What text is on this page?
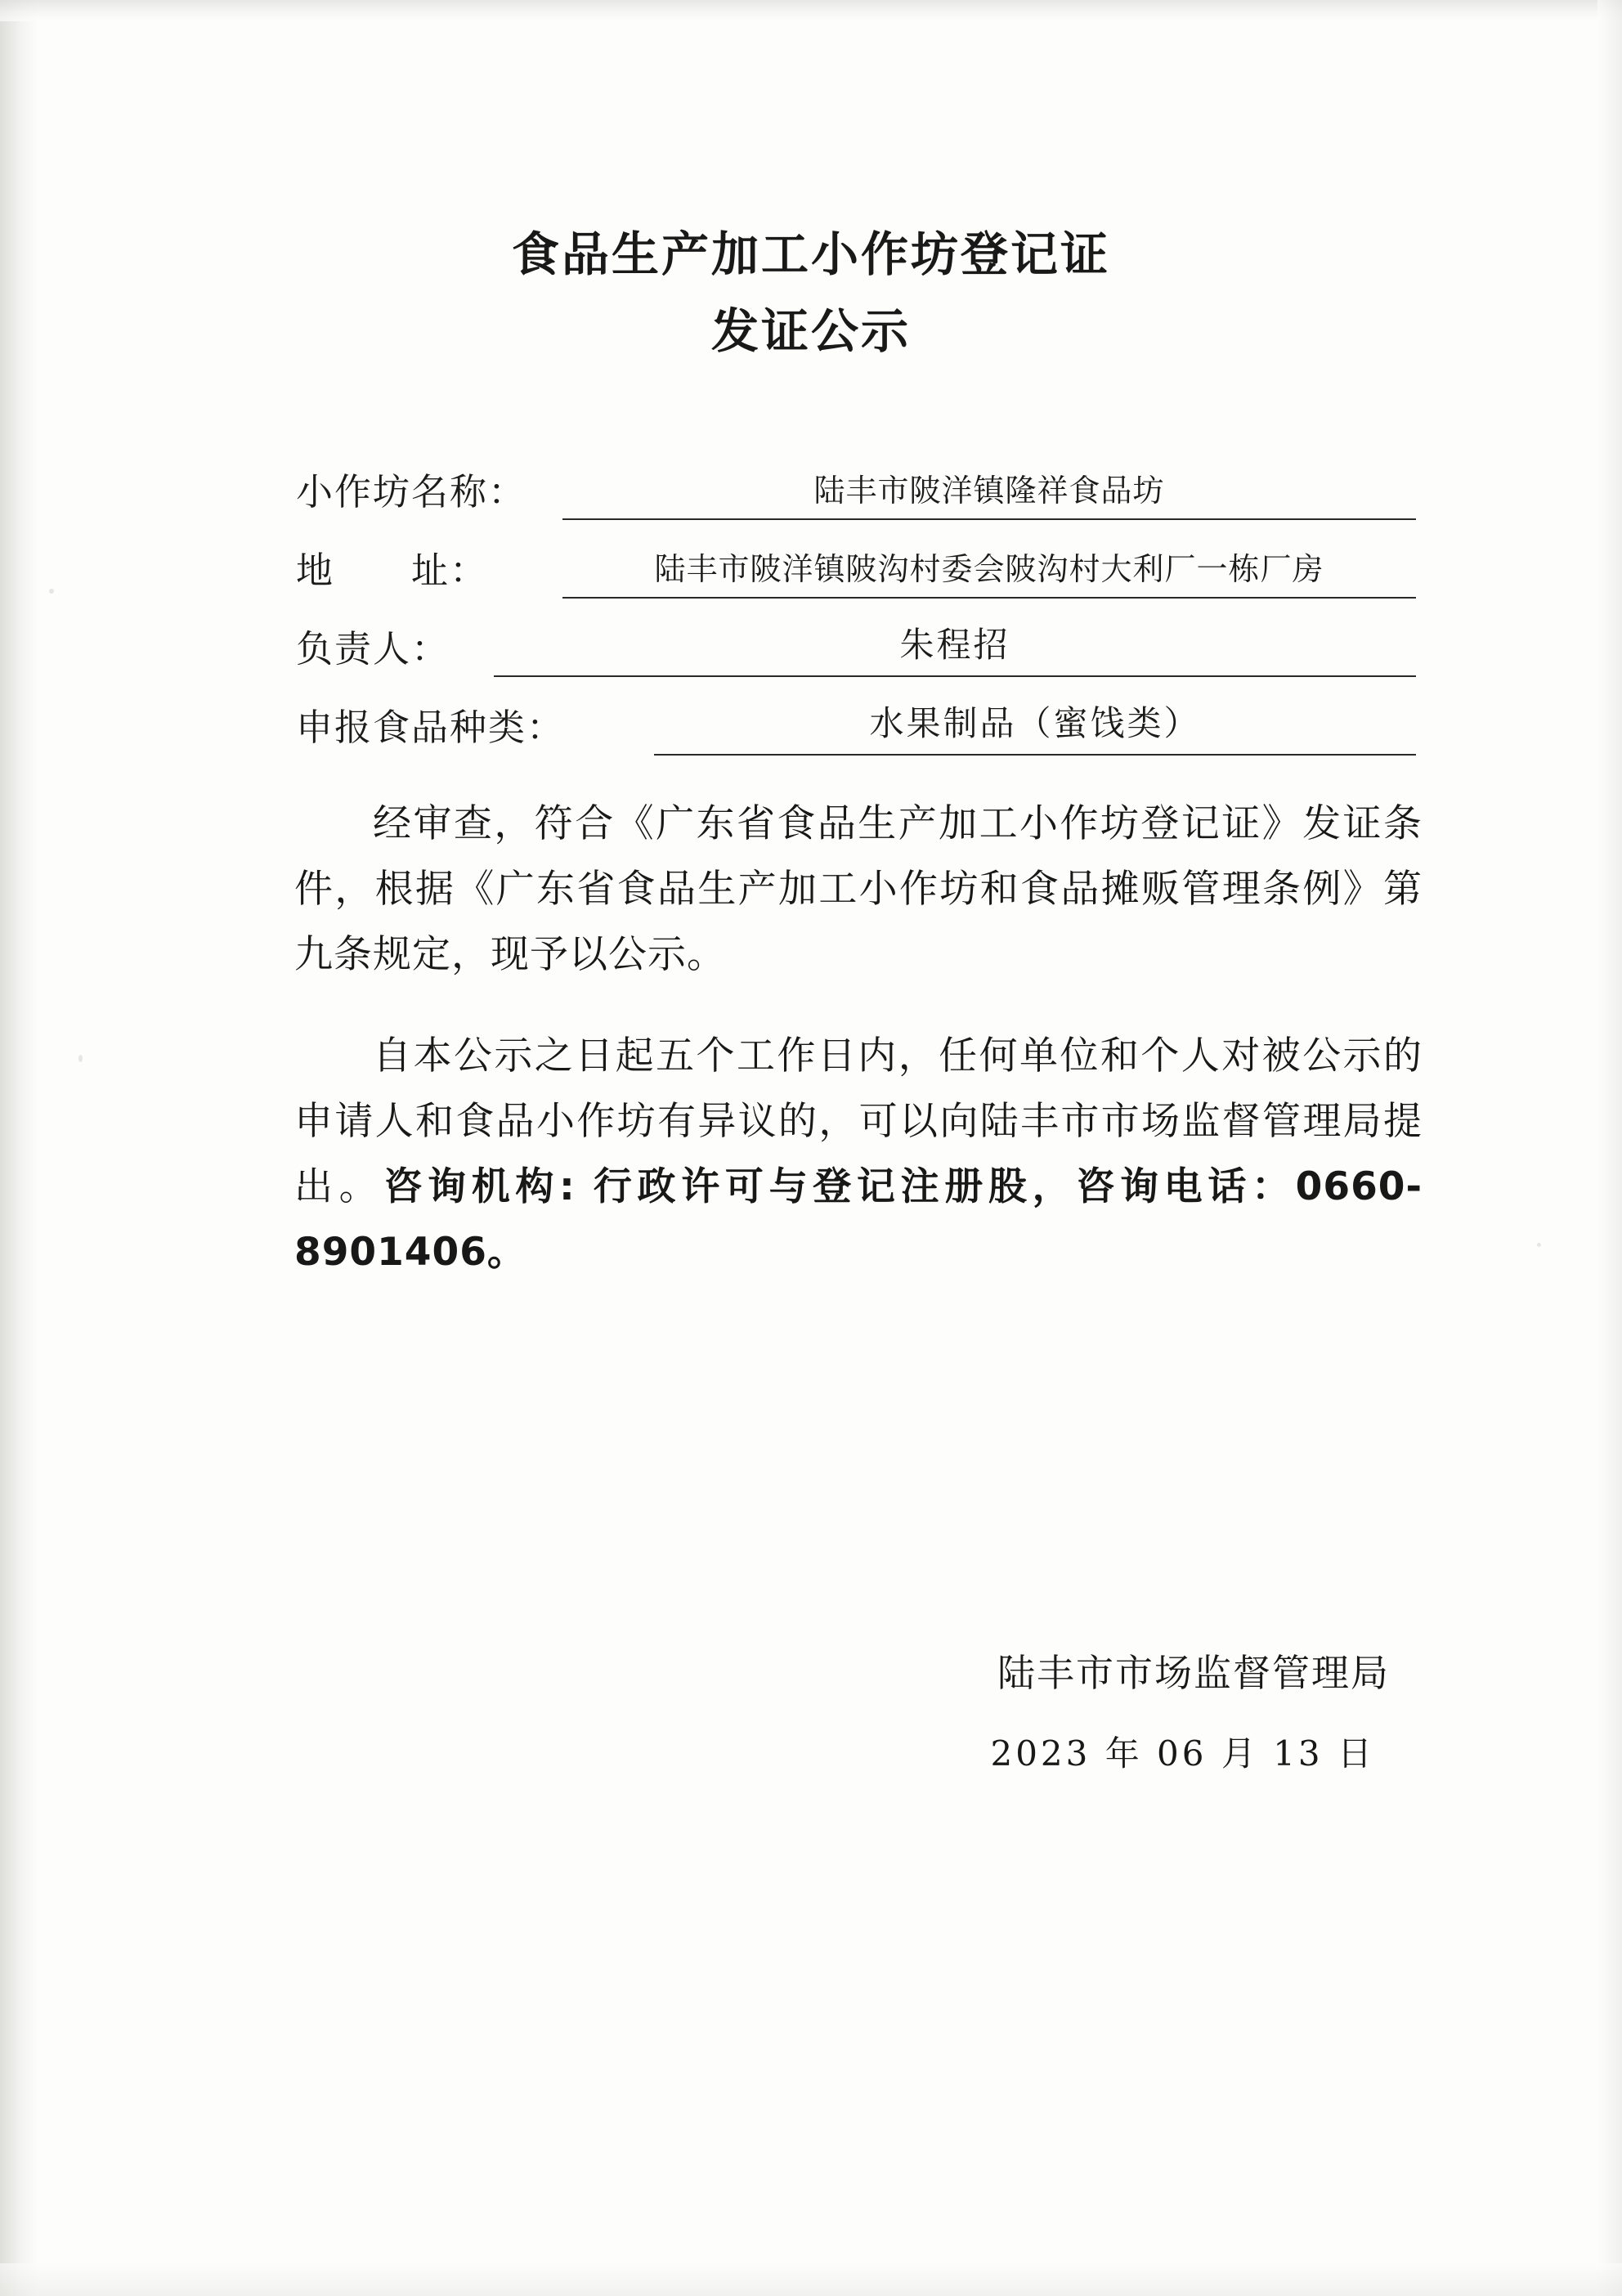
食品生产加工小作坊登记证
发证公示
小作坊名称：	陆丰市陂洋镇隆祥食品坊
地　　址：	陆丰市陂洋镇陂沟村委会陂沟村大利厂一栋厂房
负责人：	朱程招
申报食品种类：	水果制品（蜜饯类）

经审查，符合《广东省食品生产加工小作坊登记证》发证条件，根据《广东省食品生产加工小作坊和食品摊贩管理条例》第九条规定，现予以公示。

自本公示之日起五个工作日内，任何单位和个人对被公示的申请人和食品小作坊有异议的，可以向陆丰市市场监督管理局提出。咨询机构: 行政许可与登记注册股，咨询电话：0660-8901406。

陆丰市市场监督管理局
2023 年 06 月 13 日
